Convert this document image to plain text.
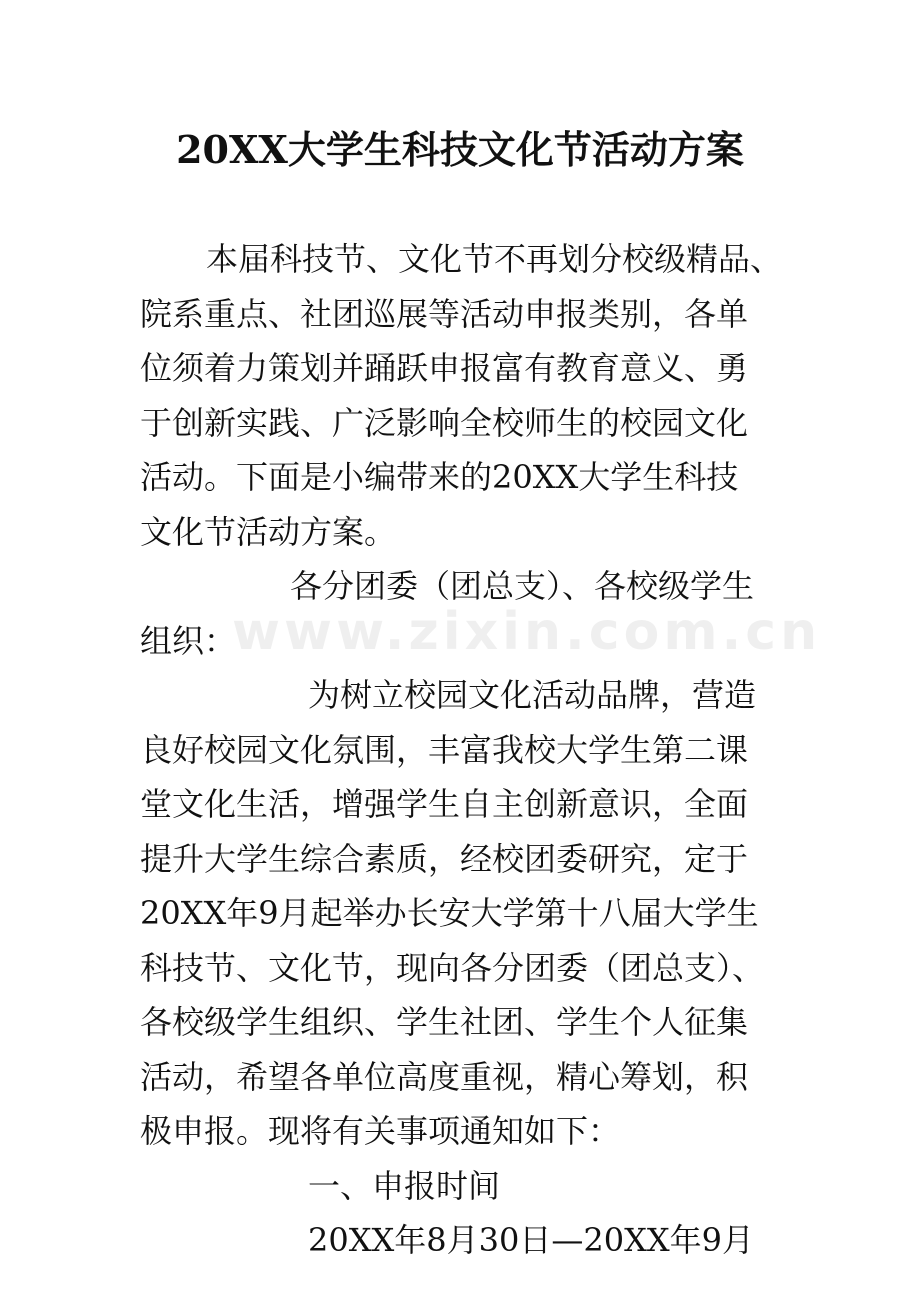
20XX大学生科技文化节活动方案
本届科技节、文化节不再划分校级精品、
院系重点、社团巡展等活动申报类别，各单
位须着力策划并踊跃申报富有教育意义、勇
于创新实践、广泛影响全校师生的校园文化
活动。下面是小编带来的20XX大学生科技
文化节活动方案。
各分团委（团总支）、各校级学生
组织：
为树立校园文化活动品牌，营造
良好校园文化氛围，丰富我校大学生第二课
堂文化生活，增强学生自主创新意识，全面
提升大学生综合素质，经校团委研究，定于
20XX年9月起举办长安大学第十八届大学生
科技节、文化节，现向各分团委（团总支）、
各校级学生组织、学生社团、学生个人征集
活动，希望各单位高度重视，精心筹划，积
极申报。现将有关事项通知如下：
一、申报时间
20XX年8月30日—20XX年9月
www.zixin.com.cn
